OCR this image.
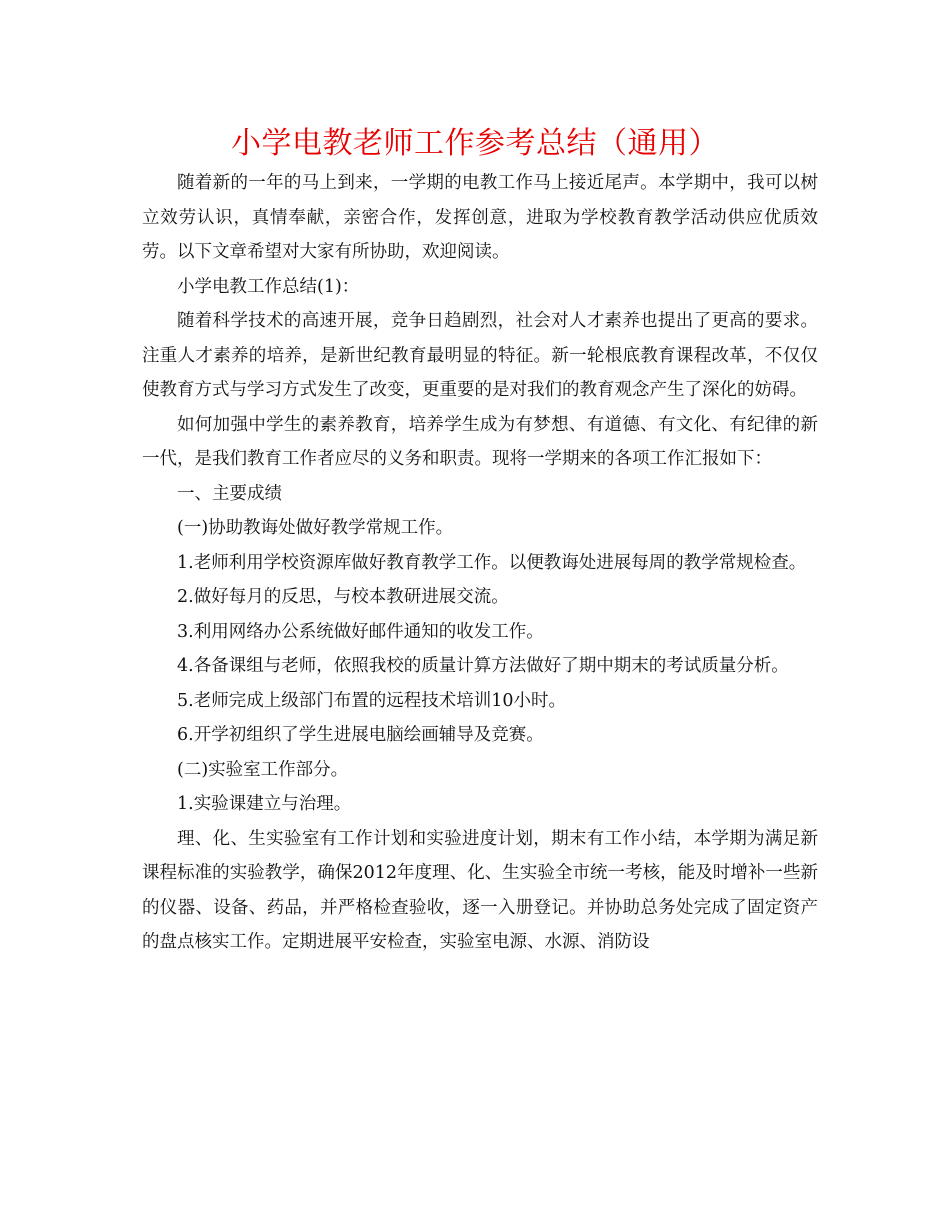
小学电教老师工作参考总结（通用）

随着新的一年的马上到来，一学期的电教工作马上接近尾声。本学期中，我可以树立效劳认识，真情奉献，亲密合作，发挥创意，进取为学校教育教学活动供应优质效劳。以下文章希望对大家有所协助，欢迎阅读。

小学电教工作总结(1)：

随着科学技术的高速开展，竞争日趋剧烈，社会对人才素养也提出了更高的要求。注重人才素养的培养，是新世纪教育最明显的特征。新一轮根底教育课程改革，不仅仅使教育方式与学习方式发生了改变，更重要的是对我们的教育观念产生了深化的妨碍。

如何加强中学生的素养教育，培养学生成为有梦想、有道德、有文化、有纪律的新一代，是我们教育工作者应尽的义务和职责。现将一学期来的各项工作汇报如下：

一、主要成绩

(一)协助教诲处做好教学常规工作。

1.老师利用学校资源库做好教育教学工作。以便教诲处进展每周的教学常规检查。

2.做好每月的反思，与校本教研进展交流。

3.利用网络办公系统做好邮件通知的收发工作。

4.各备课组与老师，依照我校的质量计算方法做好了期中期末的考试质量分析。

5.老师完成上级部门布置的远程技术培训10小时。

6.开学初组织了学生进展电脑绘画辅导及竞赛。

(二)实验室工作部分。

1.实验课建立与治理。

理、化、生实验室有工作计划和实验进度计划，期末有工作小结，本学期为满足新课程标准的实验教学，确保2012年度理、化、生实验全市统一考核，能及时增补一些新的仪器、设备、药品，并严格检查验收，逐一入册登记。并协助总务处完成了固定资产的盘点核实工作。定期进展平安检查，实验室电源、水源、消防设
